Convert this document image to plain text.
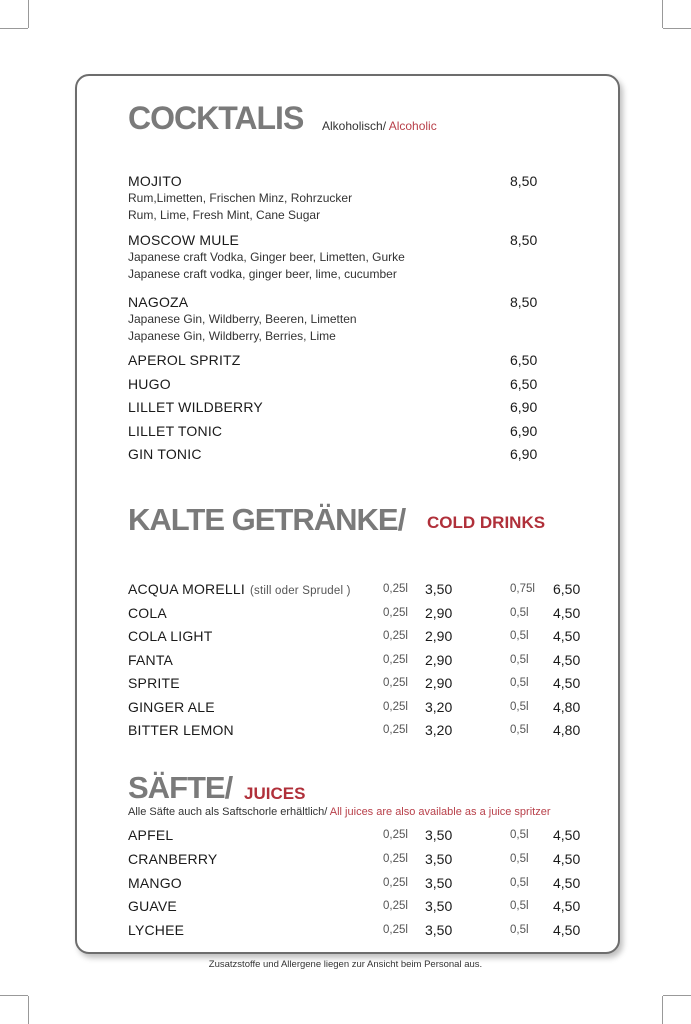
COCKTALIS Alkoholisch/ Alcoholic
MOJITO	8,50
Rum,Limetten, Frischen Minz, Rohrzucker
Rum, Lime, Fresh Mint, Cane Sugar
MOSCOW MULE	8,50
Japanese craft Vodka, Ginger beer, Limetten, Gurke
Japanese craft vodka, ginger beer, lime, cucumber
NAGOZA	8,50
Japanese Gin, Wildberry, Beeren, Limetten
Japanese Gin, Wildberry, Berries, Lime
APEROL SPRITZ	6,50
HUGO	6,50
LILLET WILDBERRY	6,90
LILLET TONIC	6,90
GIN TONIC	6,90
KALTE GETRÄNKE/ COLD DRINKS
ACQUA MORELLI (still oder Sprudel )	0,25l 3,50	0,75l 6,50
COLA	0,25l 2,90	0,5l 4,50
COLA LIGHT	0,25l 2,90	0,5l 4,50
FANTA	0,25l 2,90	0,5l 4,50
SPRITE	0,25l 2,90	0,5l 4,50
GINGER ALE	0,25l 3,20	0,5l 4,80
BITTER LEMON	0,25l 3,20	0,5l 4,80
SÄFTE/ JUICES
Alle Säfte auch als Saftschorle erhältlich/ All juices are also available as a juice spritzer
APFEL	0,25l 3,50	0,5l 4,50
CRANBERRY	0,25l 3,50	0,5l 4,50
MANGO	0,25l 3,50	0,5l 4,50
GUAVE	0,25l 3,50	0,5l 4,50
LYCHEE	0,25l 3,50	0,5l 4,50
Zusatzstoffe und Allergene liegen zur Ansicht beim Personal aus.
